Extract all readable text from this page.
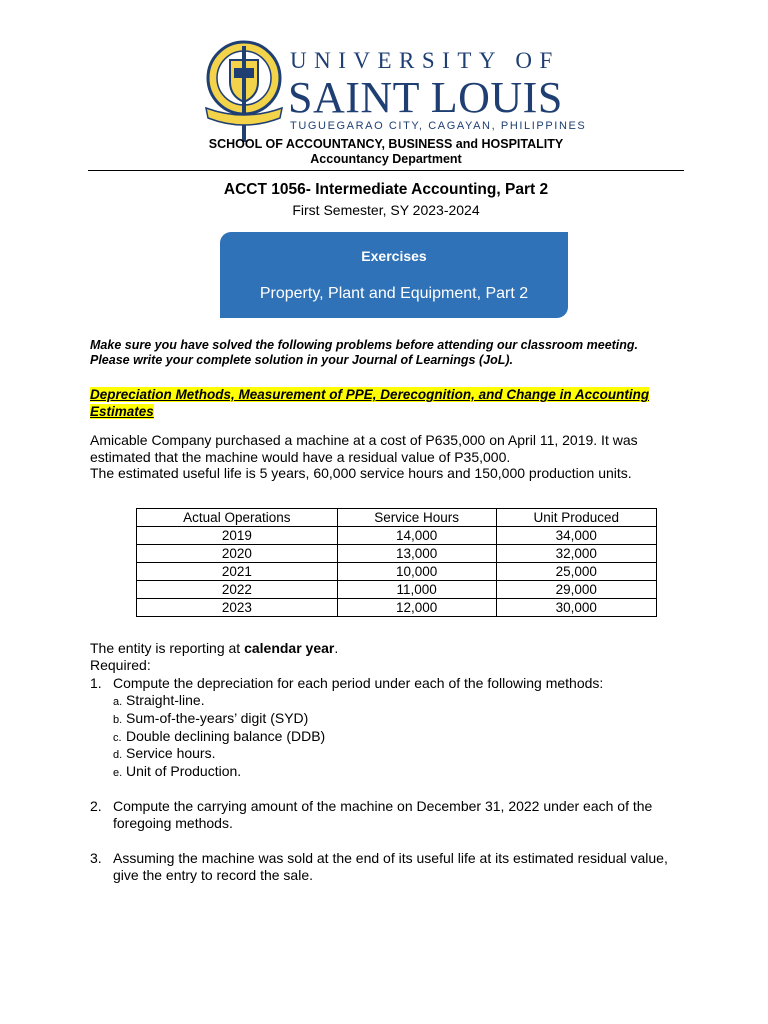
UNIVERSITY OF
SAINT LOUIS
TUGUEGARAO CITY, CAGAYAN, PHILIPPINES
SCHOOL OF ACCOUNTANCY, BUSINESS and HOSPITALITY
Accountancy Department
ACCT 1056- Intermediate Accounting, Part 2
First Semester, SY 2023-2024
Exercises
Property, Plant and Equipment, Part 2
Make sure you have solved the following problems before attending our classroom meeting.
Please write your complete solution in your Journal of Learnings (JoL).
Depreciation Methods, Measurement of PPE, Derecognition, and Change in Accounting Estimates
Amicable Company purchased a machine at a cost of P635,000 on April 11, 2019. It was
estimated that the machine would have a residual value of P35,000.
The estimated useful life is 5 years, 60,000 service hours and 150,000 production units.
Actual Operations	Service Hours	Unit Produced
2019	14,000	34,000
2020	13,000	32,000
2021	10,000	25,000
2022	11,000	29,000
2023	12,000	30,000
The entity is reporting at calendar year.
Required:
1. Compute the depreciation for each period under each of the following methods:
a. Straight-line.
b. Sum-of-the-years’ digit (SYD)
c. Double declining balance (DDB)
d. Service hours.
e. Unit of Production.
2. Compute the carrying amount of the machine on December 31, 2022 under each of the foregoing methods.
3. Assuming the machine was sold at the end of its useful life at its estimated residual value, give the entry to record the sale.
